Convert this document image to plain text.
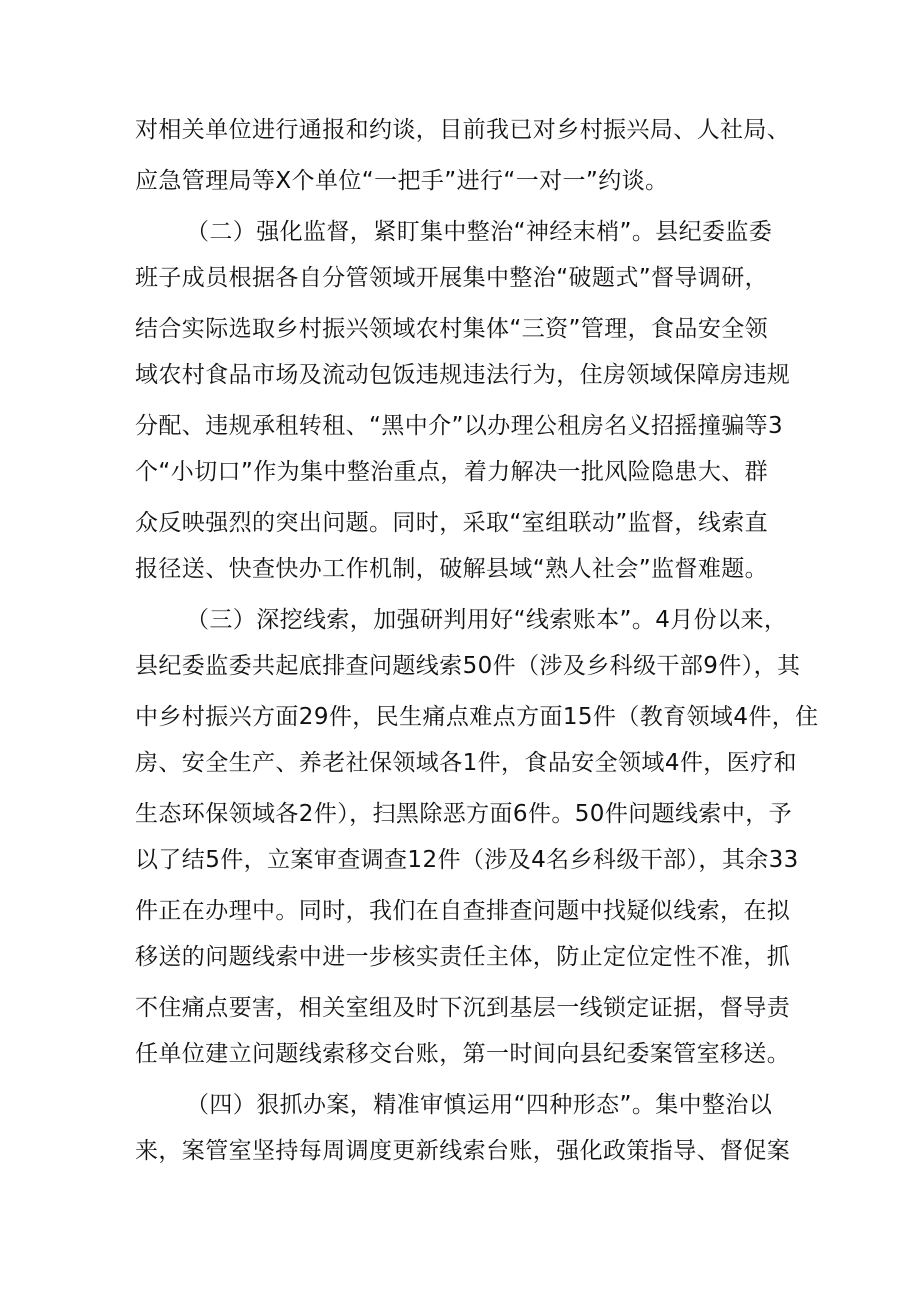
对相关单位进行通报和约谈，目前我已对乡村振兴局、人社局、
应急管理局等X个单位“一把手”进行“一对一”约谈。
（二）强化监督，紧盯集中整治“神经末梢”。县纪委监委
班子成员根据各自分管领域开展集中整治“破题式”督导调研，
结合实际选取乡村振兴领域农村集体“三资”管理，食品安全领
域农村食品市场及流动包饭违规违法行为，住房领域保障房违规
分配、违规承租转租、“黑中介”以办理公租房名义招摇撞骗等3
个“小切口”作为集中整治重点，着力解决一批风险隐患大、群
众反映强烈的突出问题。同时，采取“室组联动”监督，线索直
报径送、快查快办工作机制，破解县域“熟人社会”监督难题。
（三）深挖线索，加强研判用好“线索账本”。4月份以来，
县纪委监委共起底排查问题线索50件（涉及乡科级干部9件），其
中乡村振兴方面29件，民生痛点难点方面15件（教育领域4件，住
房、安全生产、养老社保领域各1件，食品安全领域4件，医疗和
生态环保领域各2件），扫黑除恶方面6件。50件问题线索中，予
以了结5件，立案审查调查12件（涉及4名乡科级干部），其余33
件正在办理中。同时，我们在自查排查问题中找疑似线索，在拟
移送的问题线索中进一步核实责任主体，防止定位定性不准，抓
不住痛点要害，相关室组及时下沉到基层一线锁定证据，督导责
任单位建立问题线索移交台账，第一时间向县纪委案管室移送。
（四）狠抓办案，精准审慎运用“四种形态”。集中整治以
来，案管室坚持每周调度更新线索台账，强化政策指导、督促案
